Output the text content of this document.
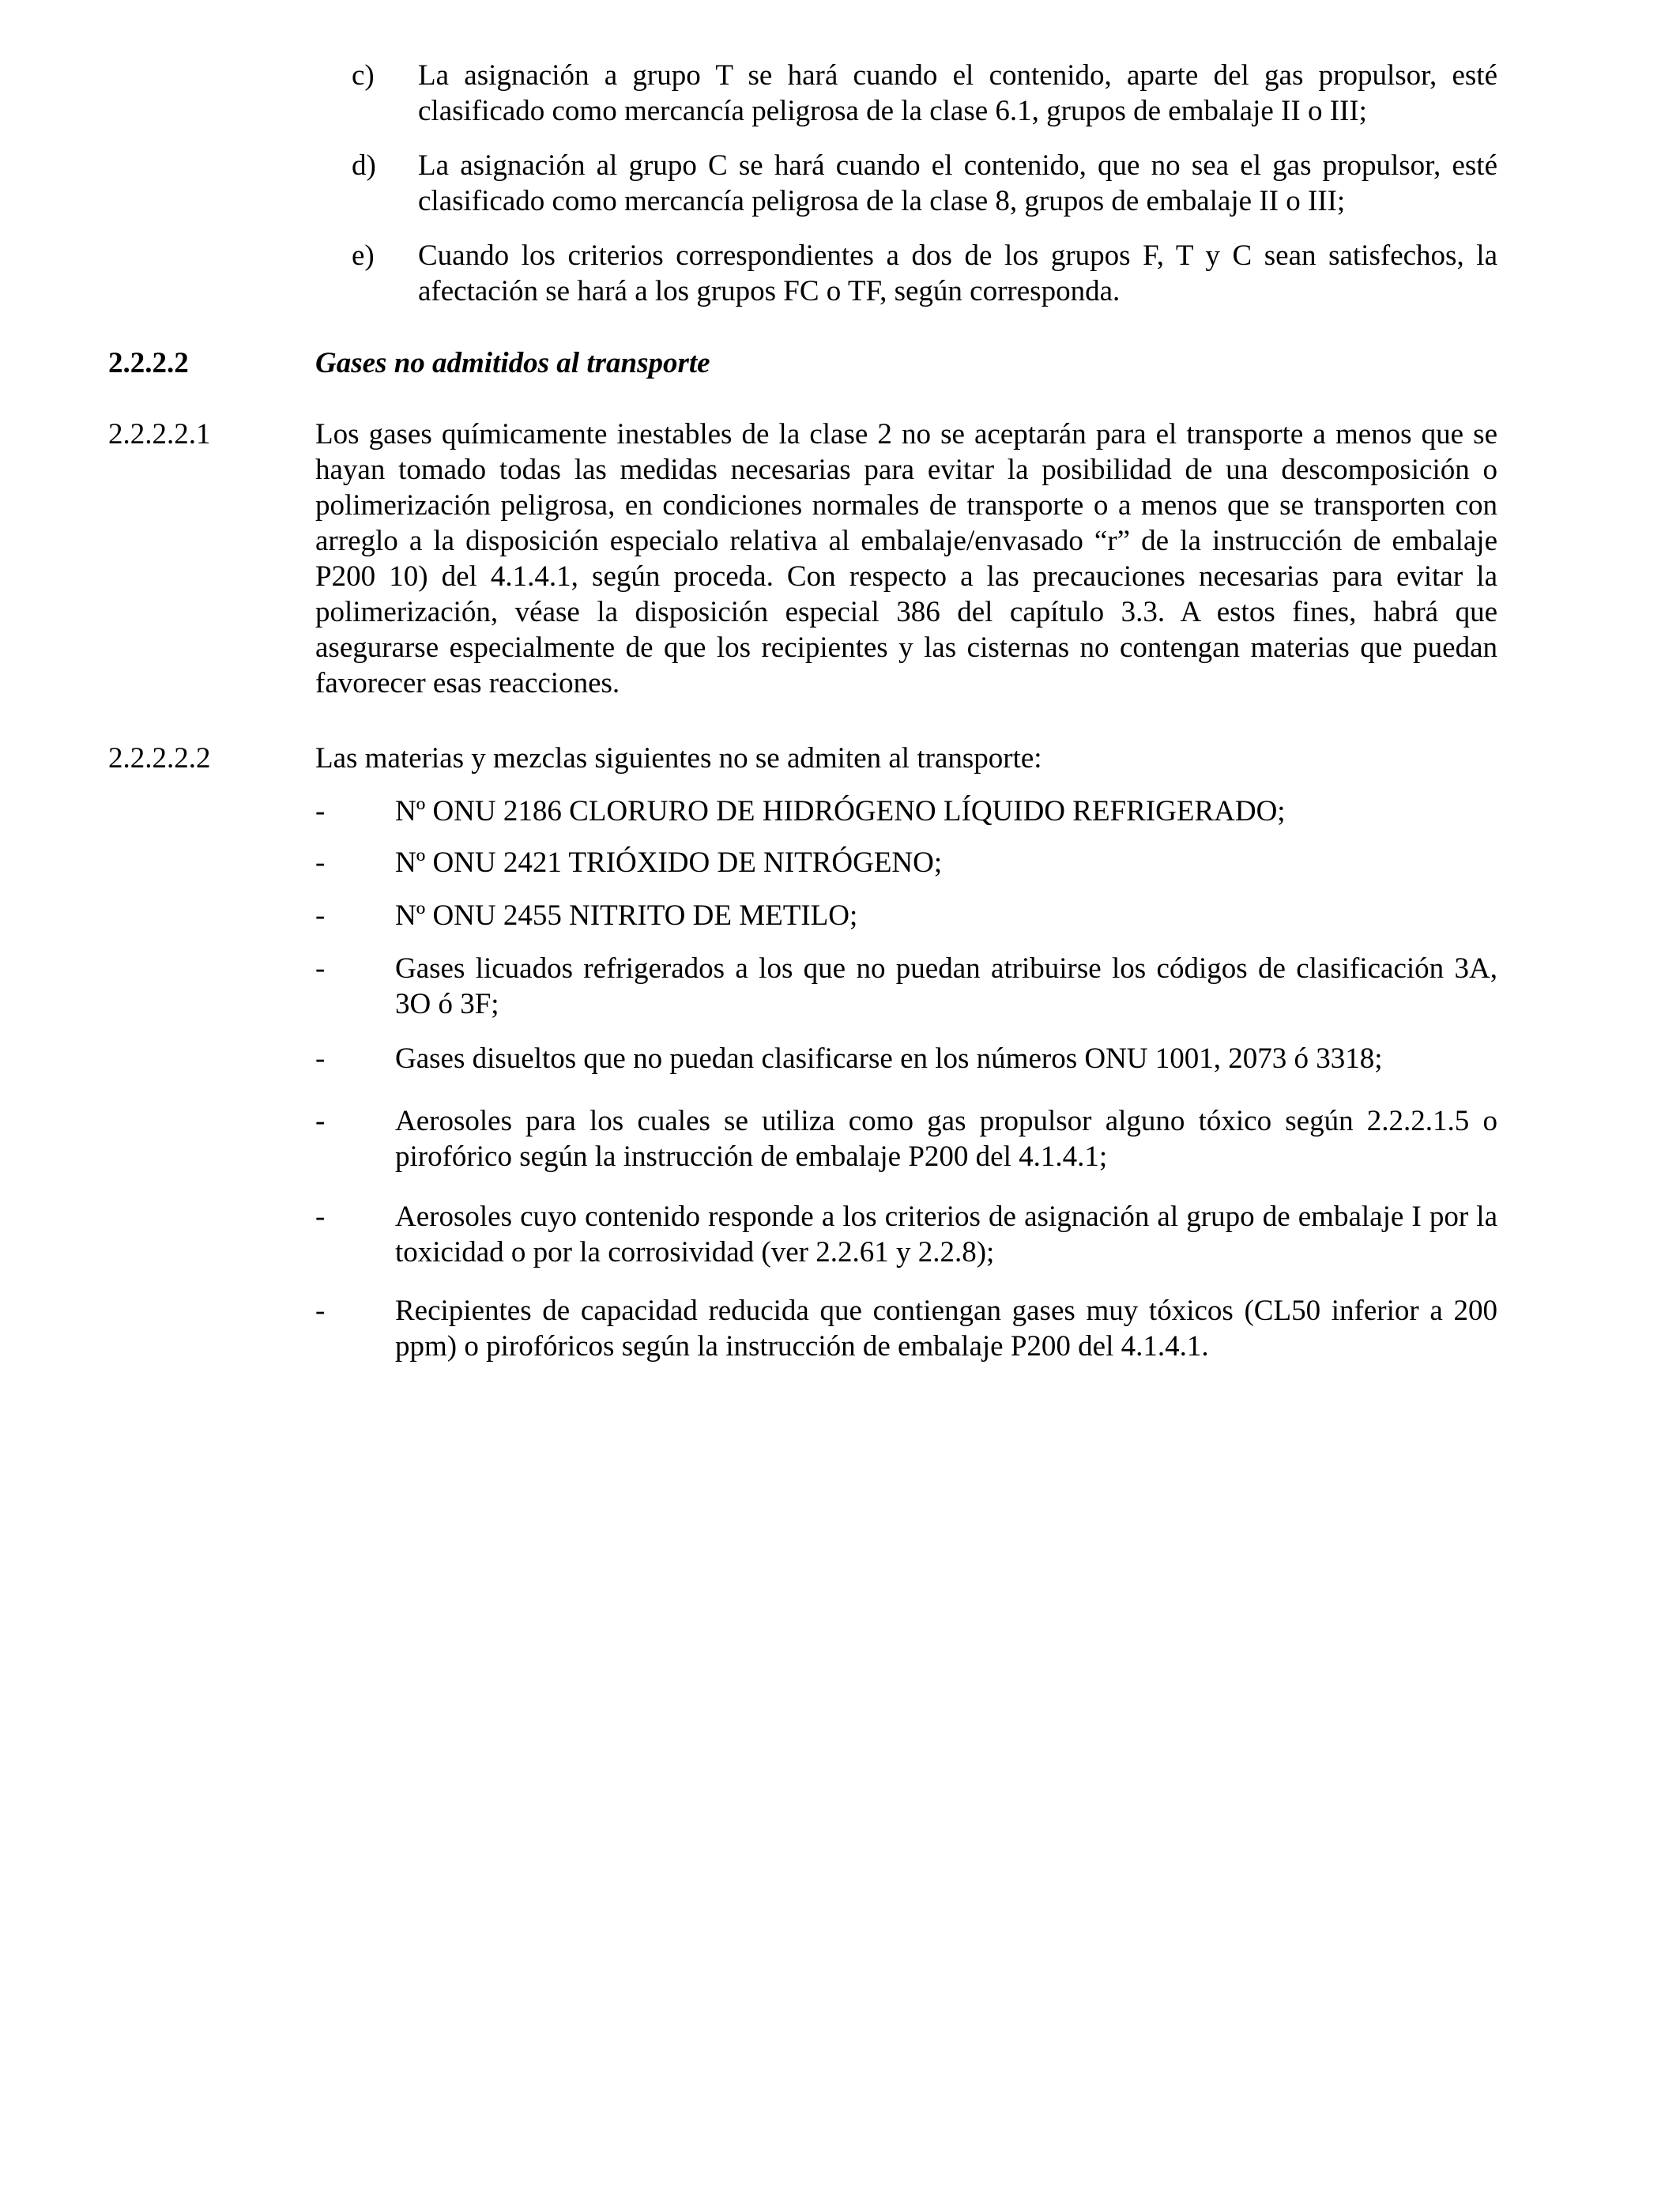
c)	La asignación a grupo T se hará cuando el contenido, aparte del gas propulsor, esté clasificado como mercancía peligrosa de la clase 6.1, grupos de embalaje II o III;
d)	La asignación al grupo C se hará cuando el contenido, que no sea el gas propulsor, esté clasificado como mercancía peligrosa de la clase 8, grupos de embalaje II o III;
e)	Cuando los criterios correspondientes a dos de los grupos F, T y C sean satisfechos, la afectación se hará a los grupos FC o TF, según corresponda.
2.2.2.2	Gases no admitidos al transporte
2.2.2.2.1	Los gases químicamente inestables de la clase 2 no se aceptarán para el transporte a menos que se hayan tomado todas las medidas necesarias para evitar la posibilidad de una descomposición o polimerización peligrosa, en condiciones normales de transporte o a menos que se transporten con arreglo a la disposición especialo relativa al embalaje/envasado “r” de la instrucción de embalaje P200 10) del 4.1.4.1, según proceda. Con respecto a las precauciones necesarias para evitar la polimerización, véase la disposición especial 386 del capítulo 3.3. A estos fines, habrá que asegurarse especialmente de que los recipientes y las cisternas no contengan materias que puedan favorecer esas reacciones.
2.2.2.2.2	Las materias y mezclas siguientes no se admiten al transporte:
-	Nº ONU 2186 CLORURO DE HIDRÓGENO LÍQUIDO REFRIGERADO;
-	Nº ONU 2421 TRIÓXIDO DE NITRÓGENO;
-	Nº ONU 2455 NITRITO DE METILO;
-	Gases licuados refrigerados a los que no puedan atribuirse los códigos de clasificación 3A, 3O ó 3F;
-	Gases disueltos que no puedan clasificarse en los números ONU 1001, 2073 ó 3318;
-	Aerosoles para los cuales se utiliza como gas propulsor alguno tóxico según 2.2.2.1.5 o pirofórico según la instrucción de embalaje P200 del 4.1.4.1;
-	Aerosoles cuyo contenido responde a los criterios de asignación al grupo de embalaje I por la toxicidad o por la corrosividad (ver 2.2.61 y 2.2.8);
-	Recipientes de capacidad reducida que contiengan gases muy tóxicos (CL50 inferior a 200 ppm) o pirofóricos según la instrucción de embalaje P200 del 4.1.4.1.
